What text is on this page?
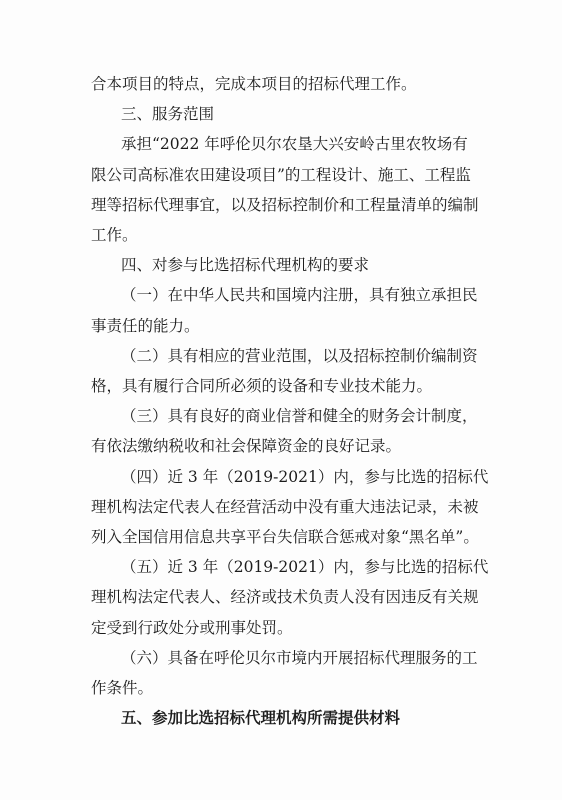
合本项目的特点，完成本项目的招标代理工作。
三、服务范围
承担“2022 年呼伦贝尔农垦大兴安岭古里农牧场有
限公司高标准农田建设项目”的工程设计、施工、工程监
理等招标代理事宜，以及招标控制价和工程量清单的编制
工作。
四、对参与比选招标代理机构的要求
（一）在中华人民共和国境内注册，具有独立承担民
事责任的能力。
（二）具有相应的营业范围，以及招标控制价编制资
格，具有履行合同所必须的设备和专业技术能力。
（三）具有良好的商业信誉和健全的财务会计制度，
有依法缴纳税收和社会保障资金的良好记录。
（四）近 3 年（2019-2021）内，参与比选的招标代
理机构法定代表人在经营活动中没有重大违法记录，未被
列入全国信用信息共享平台失信联合惩戒对象“黑名单”。
（五）近 3 年（2019-2021）内，参与比选的招标代
理机构法定代表人、经济或技术负责人没有因违反有关规
定受到行政处分或刑事处罚。
（六）具备在呼伦贝尔市境内开展招标代理服务的工
作条件。
五、参加比选招标代理机构所需提供材料
